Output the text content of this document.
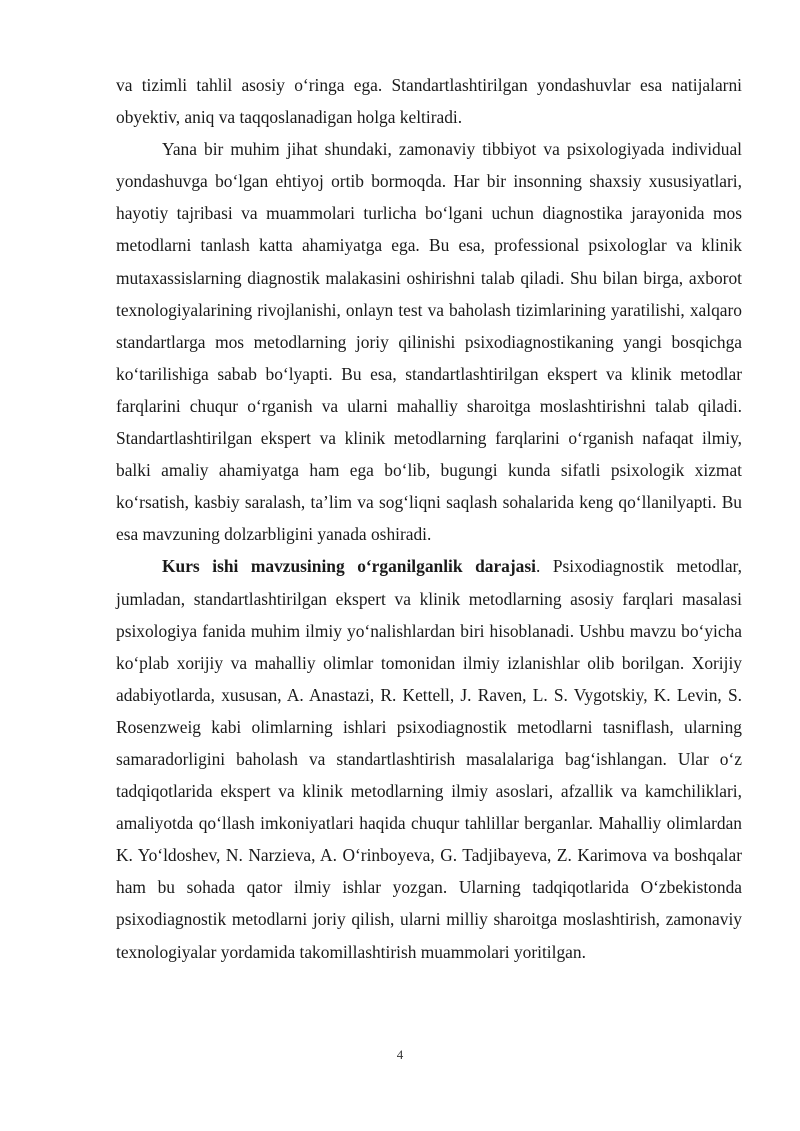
va tizimli tahlil asosiy o‘ringa ega. Standartlashtirilgan yondashuvlar esa natijalarni obyektiv, aniq va taqqoslanadigan holga keltiradi.

Yana bir muhim jihat shundaki, zamonaviy tibbiyot va psixologiyada individual yondashuvga bo‘lgan ehtiyoj ortib bormoqda. Har bir insonning shaxsiy xususiyatlari, hayotiy tajribasi va muammolari turlicha bo‘lgani uchun diagnostika jarayonida mos metodlarni tanlash katta ahamiyatga ega. Bu esa, professional psixologlar va klinik mutaxassislarning diagnostik malakasini oshirishni talab qiladi. Shu bilan birga, axborot texnologiyalarining rivojlanishi, onlayn test va baholash tizimlarining yaratilishi, xalqaro standartlarga mos metodlarning joriy qilinishi psixodiagnostikaning yangi bosqichga ko‘tarilishiga sabab bo‘lyapti. Bu esa, standartlashtirilgan ekspert va klinik metodlar farqlarini chuqur o‘rganish va ularni mahalliy sharoitga moslashtirishni talab qiladi. Standartlashtirilgan ekspert va klinik metodlarning farqlarini o‘rganish nafaqat ilmiy, balki amaliy ahamiyatga ham ega bo‘lib, bugungi kunda sifatli psixologik xizmat ko‘rsatish, kasbiy saralash, ta’lim va sog‘liqni saqlash sohalarida keng qo‘llanilyapti. Bu esa mavzuning dolzarbligini yanada oshiradi.

Kurs ishi mavzusining o‘rganilganlik darajasi. Psixodiagnostik metodlar, jumladan, standartlashtirilgan ekspert va klinik metodlarning asosiy farqlari masalasi psixologiya fanida muhim ilmiy yo‘nalishlardan biri hisoblanadi. Ushbu mavzu bo‘yicha ko‘plab xorijiy va mahalliy olimlar tomonidan ilmiy izlanishlar olib borilgan. Xorijiy adabiyotlarda, xususan, A. Anastazi, R. Kettell, J. Raven, L. S. Vygotskiy, K. Levin, S. Rosenzweig kabi olimlarning ishlari psixodiagnostik metodlarni tasniflash, ularning samaradorligini baholash va standartlashtirish masalalariga bag‘ishlangan. Ular o‘z tadqiqotlarida ekspert va klinik metodlarning ilmiy asoslari, afzallik va kamchiliklari, amaliyotda qo‘llash imkoniyatlari haqida chuqur tahlillar berganlar. Mahalliy olimlardan K. Yo‘ldoshev, N. Narzieva, A. O‘rinboyeva, G. Tadjibayeva, Z. Karimova va boshqalar ham bu sohada qator ilmiy ishlar yozgan. Ularning tadqiqotlarida O‘zbekistonda psixodiagnostik metodlarni joriy qilish, ularni milliy sharoitga moslashtirish, zamonaviy texnologiyalar yordamida takomillashtirish muammolari yoritilgan.

4
